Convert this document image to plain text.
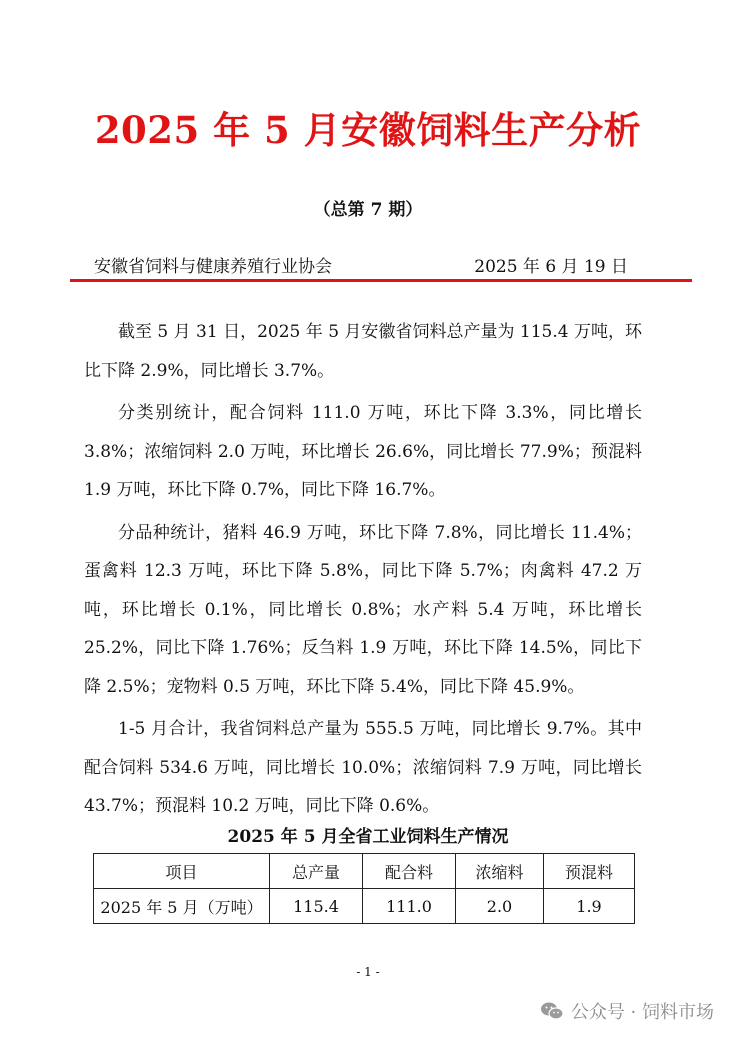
2025 年 5 月安徽饲料生产分析
（总第 7 期）
安徽省饲料与健康养殖行业协会	2025 年 6 月 19 日

截至 5 月 31 日，2025 年 5 月安徽省饲料总产量为 115.4 万吨，环比下降 2.9%，同比增长 3.7%。

分类别统计，配合饲料 111.0 万吨，环比下降 3.3%，同比增长 3.8%；浓缩饲料 2.0 万吨，环比增长 26.6%，同比增长 77.9%；预混料 1.9 万吨，环比下降 0.7%，同比下降 16.7%。

分品种统计，猪料 46.9 万吨，环比下降 7.8%，同比增长 11.4%；蛋禽料 12.3 万吨，环比下降 5.8%，同比下降 5.7%；肉禽料 47.2 万吨，环比增长 0.1%，同比增长 0.8%；水产料 5.4 万吨，环比增长 25.2%，同比下降 1.76%；反刍料 1.9 万吨，环比下降 14.5%，同比下降 2.5%；宠物料 0.5 万吨，环比下降 5.4%，同比下降 45.9%。

1-5 月合计，我省饲料总产量为 555.5 万吨，同比增长 9.7%。其中配合饲料 534.6 万吨，同比增长 10.0%；浓缩饲料 7.9 万吨，同比增长 43.7%；预混料 10.2 万吨，同比下降 0.6%。

2025 年 5 月全省工业饲料生产情况
项目	总产量	配合料	浓缩料	预混料
2025 年 5 月（万吨）	115.4	111.0	2.0	1.9
- 1 -
公众号 · 饲料市场
